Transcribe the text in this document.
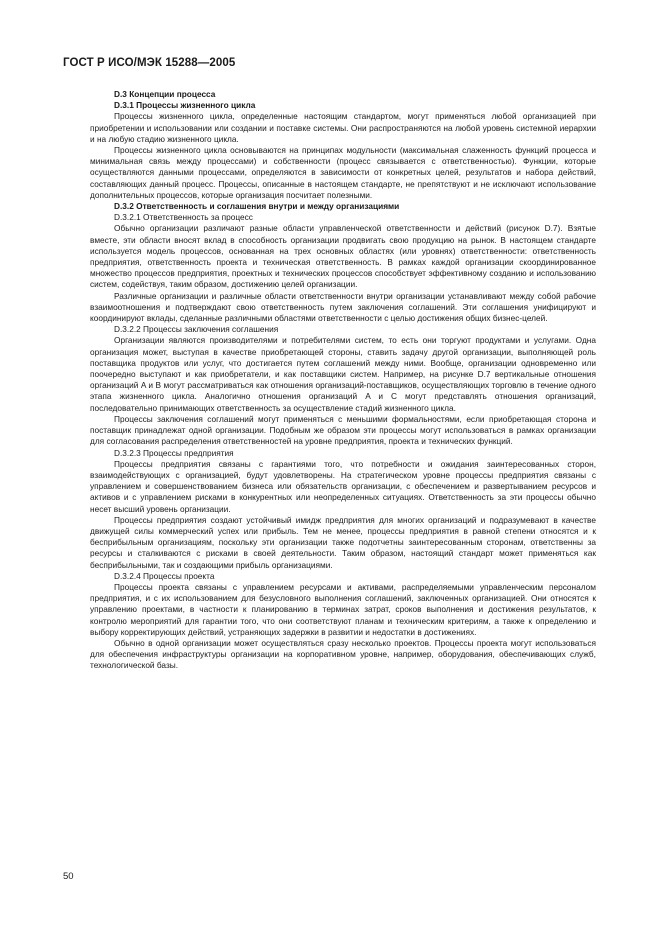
ГОСТ Р ИСО/МЭК 15288—2005

D.3 Концепции процесса

D.3.1 Процессы жизненного цикла

Процессы жизненного цикла, определенные настоящим стандартом, могут применяться любой организацией при приобретении и использовании или создании и поставке системы. Они распространяются на любой уровень системной иерархии и на любую стадию жизненного цикла.

Процессы жизненного цикла основываются на принципах модульности (максимальная слаженность функций процесса и минимальная связь между процессами) и собственности (процесс связывается с ответственностью). Функции, которые осуществляются данными процессами, определяются в зависимости от конкретных целей, результатов и набора действий, составляющих данный процесс. Процессы, описанные в настоящем стандарте, не препятствуют и не исключают использование дополнительных процессов, которые организация посчитает полезными.

D.3.2 Ответственность и соглашения внутри и между организациями

D.3.2.1 Ответственность за процесс

Обычно организации различают разные области управленческой ответственности и действий (рисунок D.7). Взятые вместе, эти области вносят вклад в способность организации продвигать свою продукцию на рынок. В настоящем стандарте используется модель процессов, основанная на трех основных областях (или уровнях) ответственности: ответственность предприятия, ответственность проекта и техническая ответственность. В рамках каждой организации скоординированное множество процессов предприятия, проектных и технических процессов способствует эффективному созданию и использованию систем, содействуя, таким образом, достижению целей организации.

Различные организации и различные области ответственности внутри организации устанавливают между собой рабочие взаимоотношения и подтверждают свою ответственность путем заключения соглашений. Эти соглашения унифицируют и координируют вклады, сделанные различными областями ответственности с целью достижения общих бизнес-целей.

D.3.2.2 Процессы заключения соглашения

Организации являются производителями и потребителями систем, то есть они торгуют продуктами и услугами. Одна организация может, выступая в качестве приобретающей стороны, ставить задачу другой организации, выполняющей роль поставщика продуктов или услуг, что достигается путем соглашений между ними. Вообще, организации одновременно или поочередно выступают и как приобретатели, и как поставщики систем. Например, на рисунке D.7 вертикальные отношения организаций A и B могут рассматриваться как отношения организаций-поставщиков, осуществляющих торговлю в течение одного этапа жизненного цикла. Аналогично отношения организаций A и C могут представлять отношения организаций, последовательно принимающих ответственность за осуществление стадий жизненного цикла.

Процессы заключения соглашений могут применяться с меньшими формальностями, если приобретающая сторона и поставщик принадлежат одной организации. Подобным же образом эти процессы могут использоваться в рамках организации для согласования распределения ответственностей на уровне предприятия, проекта и технических функций.

D.3.2.3 Процессы предприятия

Процессы предприятия связаны с гарантиями того, что потребности и ожидания заинтересованных сторон, взаимодействующих с организацией, будут удовлетворены. На стратегическом уровне процессы предприятия связаны с управлением и совершенствованием бизнеса или обязательств организации, с обеспечением и развертыванием ресурсов и активов и с управлением рисками в конкурентных или неопределенных ситуациях. Ответственность за эти процессы обычно несет высший уровень организации.

Процессы предприятия создают устойчивый имидж предприятия для многих организаций и подразумевают в качестве движущей силы коммерческий успех или прибыль. Тем не менее, процессы предприятия в равной степени относятся и к бесприбыльным организациям, поскольку эти организации также подотчетны заинтересованным сторонам, ответственны за ресурсы и сталкиваются с рисками в своей деятельности. Таким образом, настоящий стандарт может применяться как бесприбыльными, так и создающими прибыль организациями.

D.3.2.4 Процессы проекта

Процессы проекта связаны с управлением ресурсами и активами, распределяемыми управленческим персоналом предприятия, и с их использованием для безусловного выполнения соглашений, заключенных организацией. Они относятся к управлению проектами, в частности к планированию в терминах затрат, сроков выполнения и достижения результатов, к контролю мероприятий для гарантии того, что они соответствуют планам и техническим критериям, а также к определению и выбору корректирующих действий, устраняющих задержки в развитии и недостатки в достижениях.

Обычно в одной организации может осуществляться сразу несколько проектов. Процессы проекта могут использоваться для обеспечения инфраструктуры организации на корпоративном уровне, например, оборудования, обеспечивающих служб, технологической базы.

50
